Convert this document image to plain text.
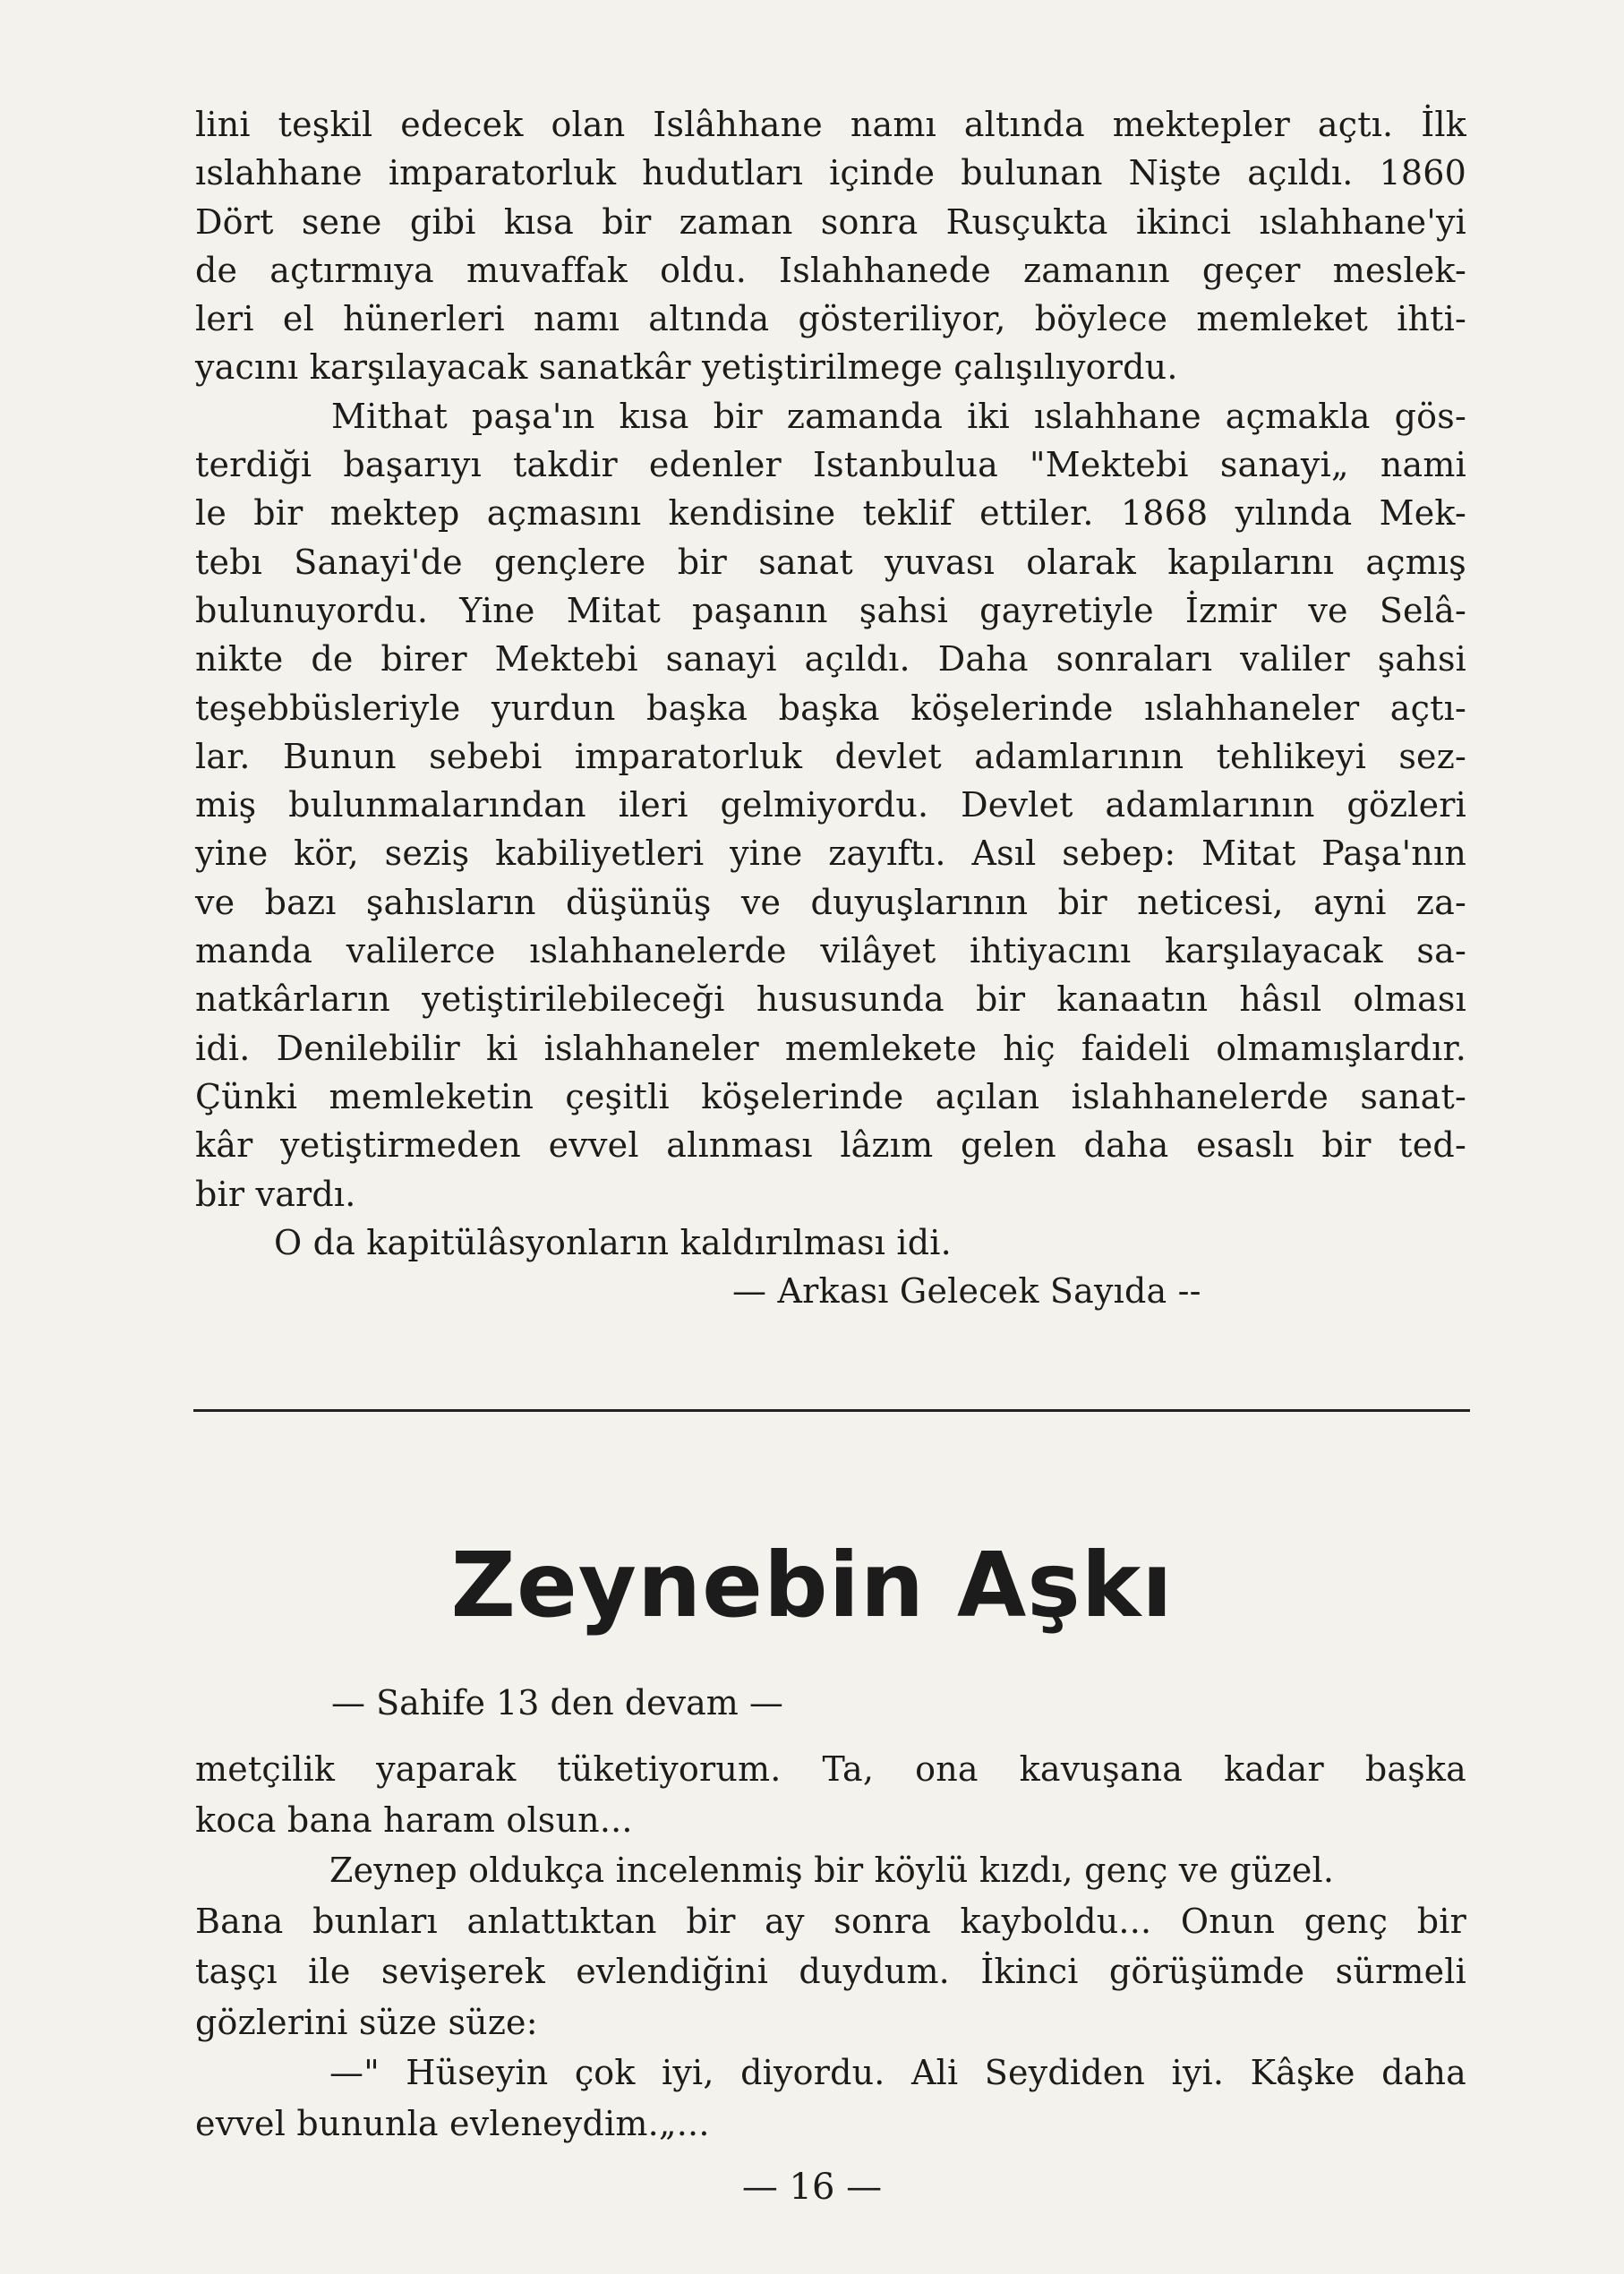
lini teşkil edecek olan Islâhhane namı altında mektepler açtı. İlk
ıslahhane imparatorluk hudutları içinde bulunan Nişte açıldı. 1860
Dört sene gibi kısa bir zaman sonra Rusçukta ikinci ıslahhane'yi
de açtırmıya muvaffak oldu. Islahhanede zamanın geçer meslek-
leri el hünerleri namı altında gösteriliyor, böylece memleket ihti-
yacını karşılayacak sanatkâr yetiştirilmege çalışılıyordu.
Mithat paşa'ın kısa bir zamanda iki ıslahhane açmakla gös-
terdiği başarıyı takdir edenler Istanbulua "Mektebi sanayi„ nami
le bir mektep açmasını kendisine teklif ettiler. 1868 yılında Mek-
tebı Sanayi'de gençlere bir sanat yuvası olarak kapılarını açmış
bulunuyordu. Yine Mitat paşanın şahsi gayretiyle İzmir ve Selâ-
nikte de birer Mektebi sanayi açıldı. Daha sonraları valiler şahsi
teşebbüsleriyle yurdun başka başka köşelerinde ıslahhaneler açtı-
lar. Bunun sebebi imparatorluk devlet adamlarının tehlikeyi sez-
miş bulunmalarından ileri gelmiyordu. Devlet adamlarının gözleri
yine kör, seziş kabiliyetleri yine zayıftı. Asıl sebep: Mitat Paşa'nın
ve bazı şahısların düşünüş ve duyuşlarının bir neticesi, ayni za-
manda valilerce ıslahhanelerde vilâyet ihtiyacını karşılayacak sa-
natkârların yetiştirilebileceği hususunda bir kanaatın hâsıl olması
idi. Denilebilir ki islahhaneler memlekete hiç faideli olmamışlardır.
Çünki memleketin çeşitli köşelerinde açılan islahhanelerde sanat-
kâr yetiştirmeden evvel alınması lâzım gelen daha esaslı bir ted-
bir vardı.
O da kapitülâsyonların kaldırılması idi.
— Arkası Gelecek Sayıda --
Zeynebin Aşkı
— Sahife 13 den devam —
metçilik yaparak tüketiyorum. Ta, ona kavuşana kadar başka
koca bana haram olsun...
Zeynep oldukça incelenmiş bir köylü kızdı, genç ve güzel.
Bana bunları anlattıktan bir ay sonra kayboldu... Onun genç bir
taşçı ile sevişerek evlendiğini duydum. İkinci görüşümde sürmeli
gözlerini süze süze:
—" Hüseyin çok iyi, diyordu. Ali Seydiden iyi. Kâşke daha
evvel bununla evleneydim.„...
— 16 —
